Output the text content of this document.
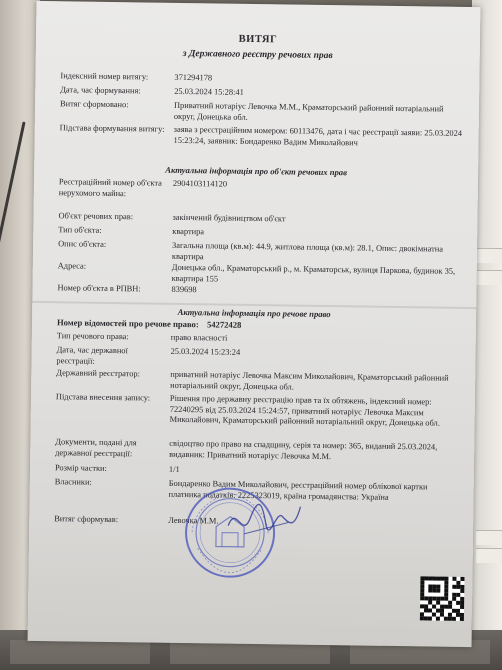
ВИТЯГ
з Державного реєстру речових прав
Індексний номер витягу:	371294178
Дата, час формування:	25.03.2024 15:28:41
Витяг сформовано:	Приватний нотаріус Левочка М.М., Краматорський районний нотаріальний округ, Донецька обл.
Підстава формування витягу:	заява з реєстраційним номером: 60113476, дата і час реєстрації заяви: 25.03.2024 15:23:24, заявник: Бондаренко Вадим Миколайович
Актуальна інформація про об'єкт речових прав
Реєстраційний номер об'єкта нерухомого майна:
2904103114120
Об'єкт речових прав:	закінчений будівництвом об'єкт
Тип об'єкта:	квартира
Опис об'єкта:	Загальна площа (кв.м): 44.9, житлова площа (кв.м): 28.1, Опис: двокімнатна квартира
Адреса:	Донецька обл., Краматорський р., м. Краматорськ, вулиця Паркова, будинок 35, квартира 155
Номер об'єкта в РПВН:	839698
Актуальна інформація про речове право
Номер відомостей про речове право: 54272428
Тип речового права:	право власності
Дата, час державної реєстрації:
25.03.2024 15:23:24
Державний реєстратор:	приватний нотаріус Левочка Максим Миколайович, Краматорський районний нотаріальний округ, Донецька обл.
Підстава внесення запису:	Рішення про державну реєстрацію прав та їх обтяжень, індексний номер: 72240295 від 25.03.2024 15:24:57, приватний нотаріус Левочка Максим Миколайович, Краматорський районний нотаріальний округ, Донецька обл.
Документи, подані для державної реєстрації:
свідоцтво про право на спадщину, серія та номер: 365, виданий 25.03.2024, видавник: Приватний нотаріус Левочка М.М.
Розмір частки:	1/1
Власники:	Бондаренко Вадим Миколайович, реєстраційний номер облікової картки платника податків: 2225323019, країна громадянства: Україна
Витяг сформував:	Левочка М.М.
